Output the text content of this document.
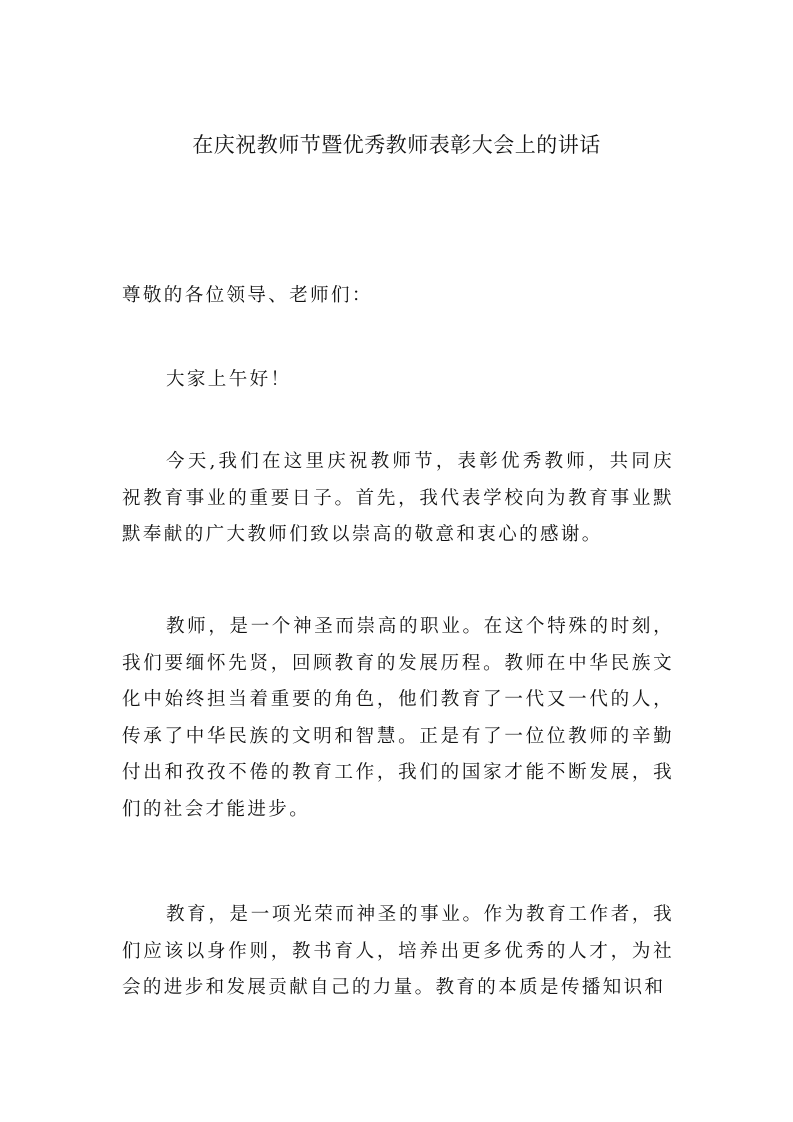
在庆祝教师节暨优秀教师表彰大会上的讲话

尊敬的各位领导、老师们：

大家上午好！

今天,我们在这里庆祝教师节，表彰优秀教师，共同庆祝教育事业的重要日子。首先，我代表学校向为教育事业默默奉献的广大教师们致以崇高的敬意和衷心的感谢。

教师，是一个神圣而崇高的职业。在这个特殊的时刻，我们要缅怀先贤，回顾教育的发展历程。教师在中华民族文化中始终担当着重要的角色，他们教育了一代又一代的人，传承了中华民族的文明和智慧。正是有了一位位教师的辛勤付出和孜孜不倦的教育工作，我们的国家才能不断发展，我们的社会才能进步。

教育，是一项光荣而神圣的事业。作为教育工作者，我们应该以身作则，教书育人，培养出更多优秀的人才，为社会的进步和发展贡献自己的力量。教育的本质是传播知识和
